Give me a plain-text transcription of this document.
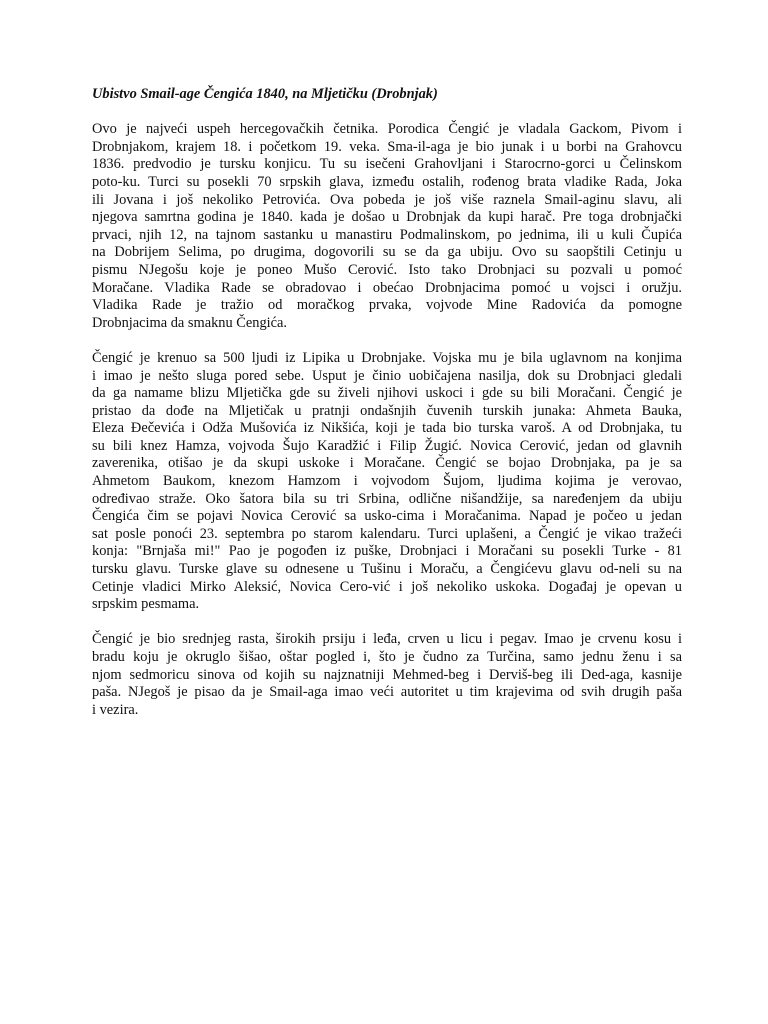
Ubistvo Smail-age Čengića 1840, na Mljetičku (Drobnjak)
Ovo je najveći uspeh hercegovačkih četnika. Porodica Čengić je vladala Gackom, Pivom i
Drobnjakom, krajem 18. i početkom 19. veka. Sma-il-aga je bio junak i u borbi na Grahovcu
1836. predvodio je tursku konjicu. Tu su isečeni Grahovljani i Starocrno-gorci u Čelinskom
poto-ku. Turci su posekli 70 srpskih glava, između ostalih, rođenog brata vladike Rada, Joka
ili Jovana i još nekoliko Petrovića. Ova pobeda je još više raznela Smail-aginu slavu, ali
njegova samrtna godina je 1840. kada je došao u Drobnjak da kupi harač. Pre toga drobnjački
prvaci, njih 12, na tajnom sastanku u manastiru Podmalinskom, po jednima, ili u kuli Čupića
na Dobrijem Selima, po drugima, dogovorili su se da ga ubiju. Ovo su saopštili Cetinju u
pismu NJegošu koje je poneo Mušo Cerović. Isto tako Drobnjaci su pozvali u pomoć
Moračane. Vladika Rade se obradovao i obećao Drobnjacima pomoć u vojsci i oružju.
Vladika Rade je tražio od moračkog prvaka, vojvode Mine Radovića da pomogne
Drobnjacima da smaknu Čengića.
Čengić je krenuo sa 500 ljudi iz Lipika u Drobnjake. Vojska mu je bila uglavnom na konjima
i imao je nešto sluga pored sebe. Usput je činio uobičajena nasilja, dok su Drobnjaci gledali
da ga namame blizu Mljetička gde su živeli njihovi uskoci i gde su bili Moračani. Čengić je
pristao da dođe na Mljetičak u pratnji ondašnjih čuvenih turskih junaka: Ahmeta Bauka,
Eleza Đečevića i Odža Mušovića iz Nikšića, koji je tada bio turska varoš. A od Drobnjaka, tu
su bili knez Hamza, vojvoda Šujo Karadžić i Filip Žugić. Novica Cerović, jedan od glavnih
zaverenika, otišao je da skupi uskoke i Moračane. Čengić se bojao Drobnjaka, pa je sa
Ahmetom Baukom, knezom Hamzom i vojvodom Šujom, ljudima kojima je verovao,
određivao straže. Oko šatora bila su tri Srbina, odlične nišandžije, sa naređenjem da ubiju
Čengića čim se pojavi Novica Cerović sa usko-cima i Moračanima. Napad je počeo u jedan
sat posle ponoći 23. septembra po starom kalendaru. Turci uplašeni, a Čengić je vikao tražeći
konja: "Brnjaša mi!" Pao je pogođen iz puške, Drobnjaci i Moračani su posekli Turke - 81
tursku glavu. Turske glave su odnesene u Tušinu i Moraču, a Čengićevu glavu od-neli su na
Cetinje vladici Mirko Aleksić, Novica Cero-vić i još nekoliko uskoka. Događaj je opevan u
srpskim pesmama.
Čengić je bio srednjeg rasta, širokih prsiju i leđa, crven u licu i pegav. Imao je crvenu kosu i
bradu koju je okruglo šišao, oštar pogled i, što je čudno za Turčina, samo jednu ženu i sa
njom sedmoricu sinova od kojih su najznatniji Mehmed-beg i Derviš-beg ili Ded-aga, kasnije
paša. NJegoš je pisao da je Smail-aga imao veći autoritet u tim krajevima od svih drugih paša
i vezira.
